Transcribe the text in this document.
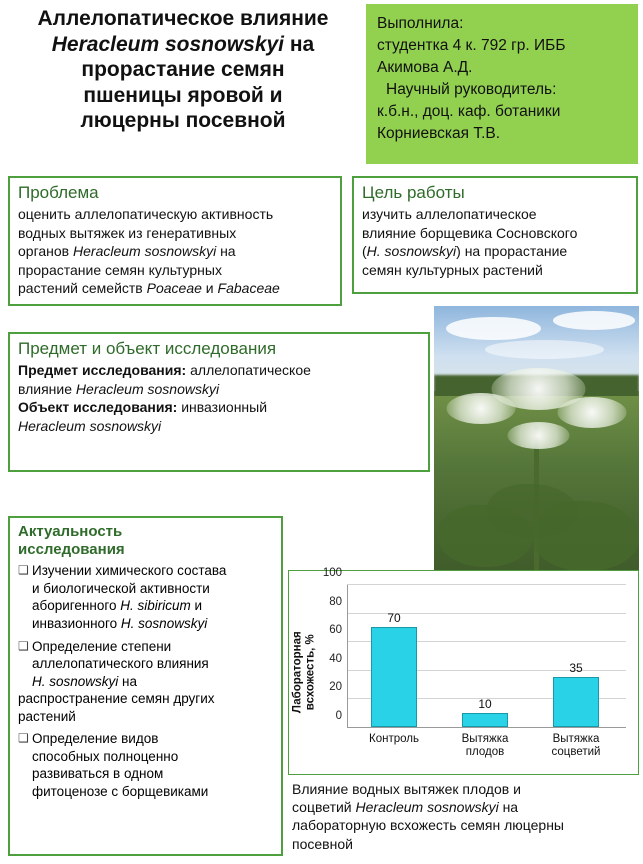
Аллелопатическое влияние
Heracleum sosnowskyi на
прорастание семян
пшеницы яровой и
люцерны посевной
Выполнила:
студентка 4 к. 792 гр. ИББ
Акимова А.Д.
Научный руководитель:
к.б.н., доц. каф. ботаники
Корниевская Т.В.
Проблема
оценить аллелопатическую активность
водных вытяжек из генеративных
органов Heracleum sosnowskyi на
прорастание семян культурных
растений семейств Poaceae и Fabaceae
Цель работы
изучить аллелопатическое
влияние борщевика Сосновского
(H. sosnowskyi) на прорастание
семян культурных растений
Предмет и объект исследования
Предмет исследования: аллелопатическое
влияние Heracleum sosnowskyi
Объект исследования: инвазионный
Heracleum sosnowskyi
Актуальность
исследования
❑ Изучении химического состава
и биологической активности
аборигенного H. sibiricum и
инвазионного H. sosnowskyi
❑ Определение степени
аллелопатического влияния
H. sosnowskyi на
распространение семян других
растений
❑ Определение видов
способных полноценно
развиваться в одном
фитоценозе с борщевиками
Лабораторная
всхожесть, %
0
20
40
60
80
100
70
10
35
Контроль	Вытяжка
плодов
Вытяжка
соцветий
Влияние водных вытяжек плодов и
соцветий Heracleum sosnowskyi на
лабораторную всхожесть семян люцерны
посевной
